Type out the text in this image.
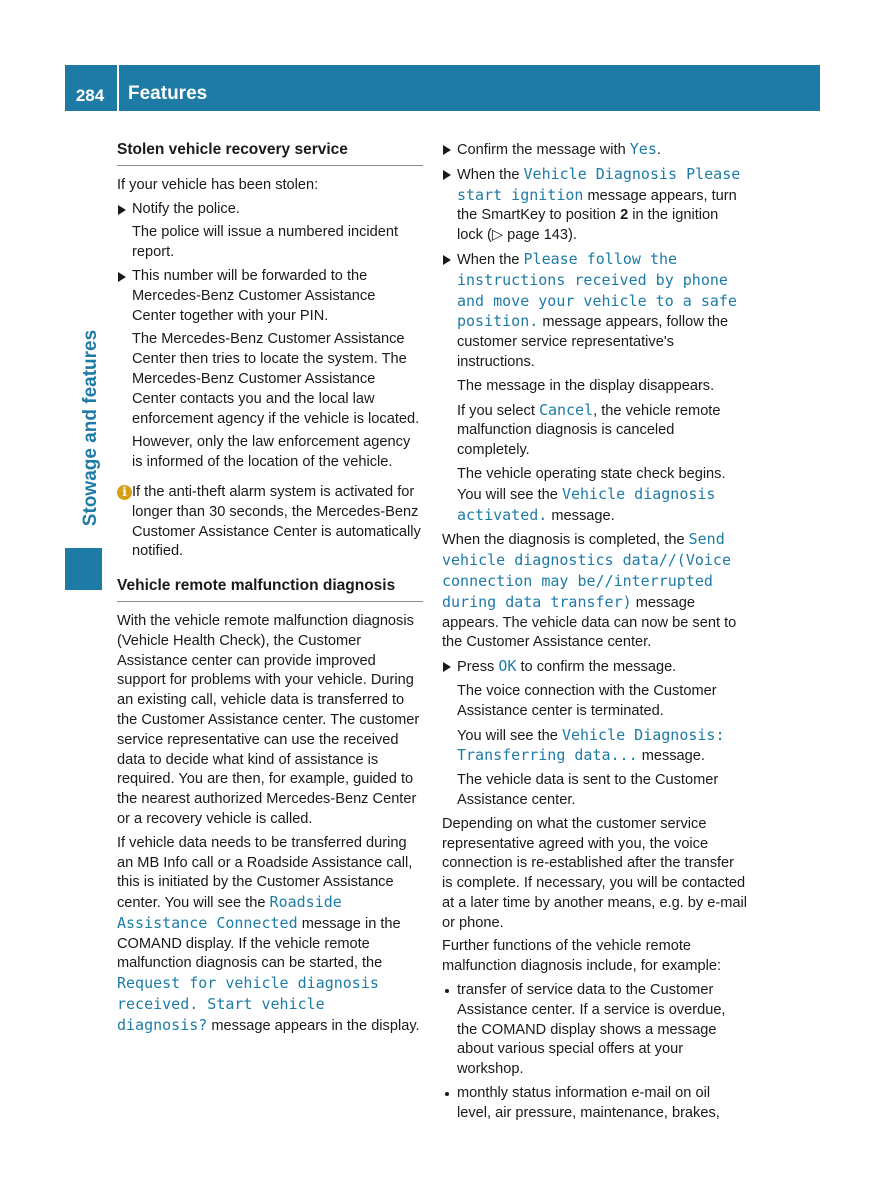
284	Features
Stowage and features
Stolen vehicle recovery service

If your vehicle has been stolen:

Notify the police.
The police will issue a numbered incident report.
This number will be forwarded to the Mercedes-Benz Customer Assistance Center together with your PIN.
The Mercedes-Benz Customer Assistance Center then tries to locate the system. The Mercedes-Benz Customer Assistance Center contacts you and the local law enforcement agency if the vehicle is located.
However, only the law enforcement agency is informed of the location of the vehicle.
i If the anti-theft alarm system is activated for longer than 30 seconds, the Mercedes-Benz Customer Assistance Center is automatically notified.
Vehicle remote malfunction diagnosis

With the vehicle remote malfunction diagnosis (Vehicle Health Check), the Customer Assistance center can provide improved support for problems with your vehicle. During an existing call, vehicle data is transferred to the Customer Assistance center. The customer service representative can use the received data to decide what kind of assistance is required. You are then, for example, guided to the nearest authorized Mercedes-Benz Center or a recovery vehicle is called.

If vehicle data needs to be transferred during an MB Info call or a Roadside Assistance call, this is initiated by the Customer Assistance center. You will see the Roadside Assistance Connected message in the COMAND display. If the vehicle remote malfunction diagnosis can be started, the Request for vehicle diagnosis received. Start vehicle diagnosis? message appears in the display.

Confirm the message with Yes.
When the Vehicle Diagnosis Please start ignition message appears, turn the SmartKey to position 2 in the ignition lock (▷ page 143).
When the Please follow the instructions received by phone and move your vehicle to a safe position. message appears, follow the customer service representative's instructions.
The message in the display disappears.
If you select Cancel, the vehicle remote malfunction diagnosis is canceled completely.
The vehicle operating state check begins. You will see the Vehicle diagnosis activated. message.

When the diagnosis is completed, the Send vehicle diagnostics data//(Voice connection may be//interrupted during data transfer) message appears. The vehicle data can now be sent to the Customer Assistance center.

Press OK to confirm the message.
The voice connection with the Customer Assistance center is terminated.
You will see the Vehicle Diagnosis: Transferring data... message.
The vehicle data is sent to the Customer Assistance center.

Depending on what the customer service representative agreed with you, the voice connection is re-established after the transfer is complete. If necessary, you will be contacted at a later time by another means, e.g. by e-mail or phone.

Further functions of the vehicle remote malfunction diagnosis include, for example:

transfer of service data to the Customer Assistance center. If a service is overdue, the COMAND display shows a message about various special offers at your workshop.
monthly status information e-mail on oil level, air pressure, maintenance, brakes,
